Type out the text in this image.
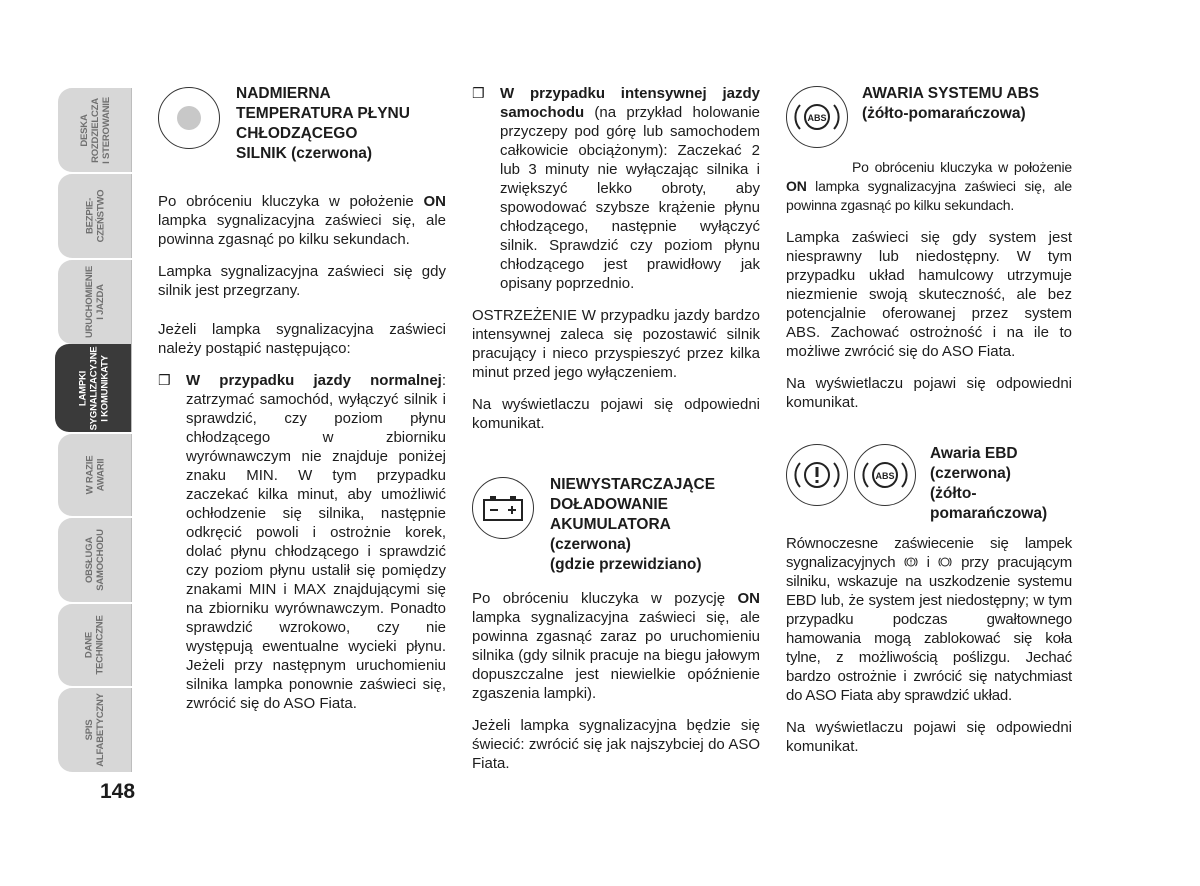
DESKA
ROZDZIELCZA
I STEROWANIE
BEZPIE-
CZEŃSTWO
URUCHOMIENIE
I JAZDA
LAMPKI
SYGNALIZACYJNE
I KOMUNIKATY
W RAZIE
AWARII
OBSŁUGA
SAMOCHODU
DANE
TECHNICZNE
SPIS
ALFABETYCZNY
148
NADMIERNA
TEMPERATURA PŁYNU
CHŁODZĄCEGO
SILNIK (czerwona)

Po obróceniu kluczyka w położenie ON lampka sygnalizacyjna zaświeci się, ale powinna zgasnąć po kilku sekundach.

Lampka sygnalizacyjna zaświeci się gdy silnik jest przegrzany.

Jeżeli lampka sygnalizacyjna zaświeci należy postąpić następująco:

❒	W przypadku jazdy normalnej: zatrzymać samochód, wyłączyć silnik i sprawdzić, czy poziom płynu chłodzącego w zbiorniku wyrównawczym nie znajduje poniżej znaku MIN. W tym przypadku zaczekać kilka minut, aby umożliwić ochłodzenie się silnika, następnie odkręcić powoli i ostrożnie korek, dolać płynu chłodzącego i sprawdzić czy poziom płynu ustalił się pomiędzy znakami MIN i MAX znajdującymi się na zbiorniku wyrównawczym. Ponadto sprawdzić wzrokowo, czy nie występują ewentualne wycieki płynu. Jeżeli przy następnym uruchomieniu silnika lampka ponownie zaświeci się, zwrócić się do ASO Fiata.
❒	W przypadku intensywnej jazdy samochodu (na przykład holowanie przyczepy pod górę lub samochodem całkowicie obciążonym): Zaczekać 2 lub 3 minuty nie wyłączając silnika i zwiększyć lekko obroty, aby spowodować szybsze krążenie płynu chłodzącego, następnie wyłączyć silnik. Sprawdzić czy poziom płynu chłodzącego jest prawidłowy jak opisany poprzednio.

OSTRZEŻENIE W przypadku jazdy bardzo intensywnej zaleca się pozostawić silnik pracujący i nieco przyspieszyć przez kilka minut przed jego wyłączeniem.

Na wyświetlaczu pojawi się odpowiedni komunikat.

NIEWYSTARCZAJĄCE
DOŁADOWANIE
AKUMULATORA
(czerwona)
(gdzie przewidziano)

Po obróceniu kluczyka w pozycję ON lampka sygnalizacyjna zaświeci się, ale powinna zgasnąć zaraz po uruchomieniu silnika (gdy silnik pracuje na biegu jałowym dopuszczalne jest niewielkie opóźnienie zgaszenia lampki).

Jeżeli lampka sygnalizacyjna będzie się świecić: zwrócić się jak najszybciej do ASO Fiata.

ABS
AWARIA SYSTEMU ABS
(żółto-pomarańczowa)

Po obróceniu kluczyka w położenie ON lampka sygnalizacyjna zaświeci się, ale powinna zgasnąć po kilku sekundach.

Lampka zaświeci się gdy system jest niesprawny lub niedostępny. W tym przypadku układ hamulcowy utrzymuje niezmienie swoją skuteczność, ale bez potencjalnie oferowanej przez system ABS. Zachować ostrożność i na ile to możliwe zwrócić się do ASO Fiata.

Na wyświetlaczu pojawi się odpowiedni komunikat.

ABS
Awaria EBD
(czerwona)
(żółto-
pomarańczowa)

Równoczesne zaświecenie się lampek sygnalizacyjnych  i  przy pracującym silniku, wskazuje na uszkodzenie systemu EBD lub, że system jest niedostępny; w tym przypadku podczas gwałtownego hamowania mogą zablokować się koła tylne, z możliwością poślizgu. Jechać bardzo ostrożnie i zwrócić się natychmiast do ASO Fiata aby sprawdzić układ.

Na wyświetlaczu pojawi się odpowiedni komunikat.
